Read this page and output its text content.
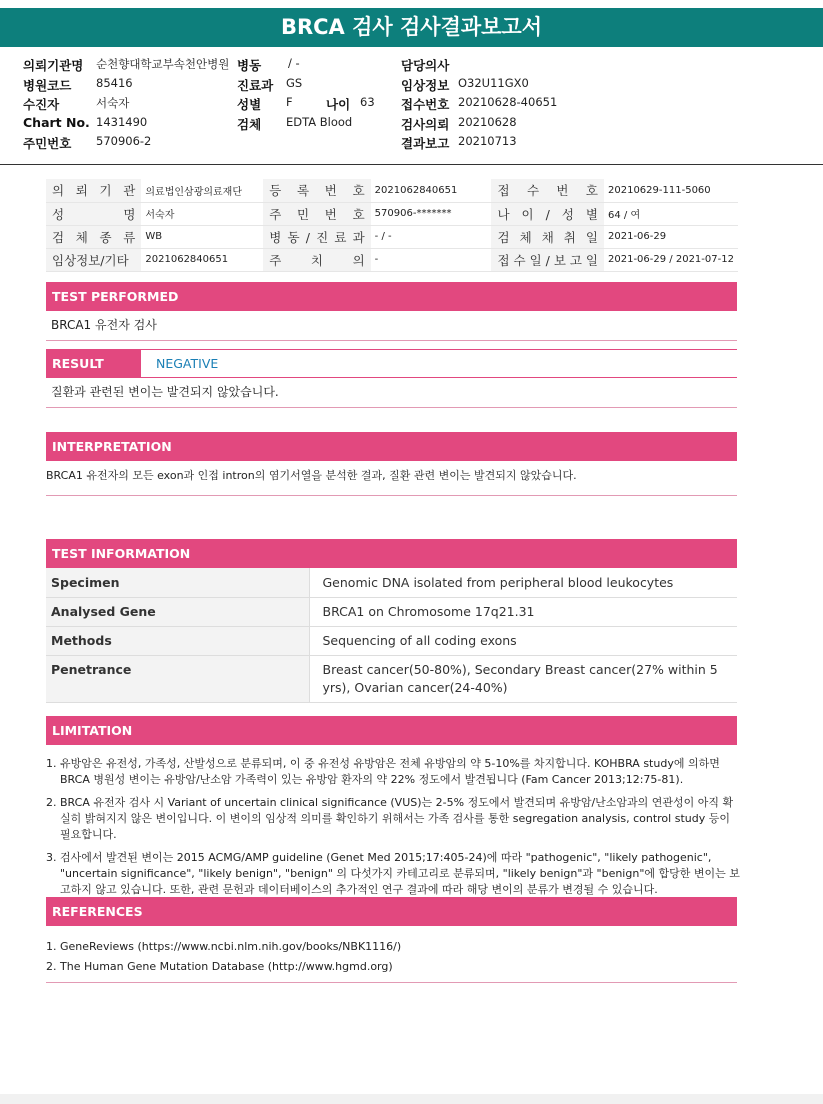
BRCA 검사 검사결과보고서
의뢰기관명 순천향대학교부속천안병원
병원코드 85416
수진자	서숙자
Chart No. 1431490
주민번호 570906-2
병동 / -
진료과 GS
성별 F	나이 63
검체 EDTA Blood
담당의사
임상정보 O32U11GX0
접수번호 20210628-40651
검사의뢰 20210628
결과보고 20210713
의 뢰 기 관	의료법인삼광의료재단	등 록 번 호	2021062840651	접 수 번 호	20210629-111-5060
성 명	서숙자	주 민 번 호	570906-*******	나 이 / 성 별	64 / 여
검 체 종 류	WB	병 동 / 진 료 과	- / -	검 체 채 취 일	2021-06-29
임상정보/기타	2021062840651	주 치 의	-	접 수 일 / 보 고 일	2021-06-29 / 2021-07-12
TEST PERFORMED
BRCA1 유전자 검사
RESULT	NEGATIVE
질환과 관련된 변이는 발견되지 않았습니다.
INTERPRETATION
BRCA1 유전자의 모든 exon과 인접 intron의 염기서열을 분석한 결과, 질환 관련 변이는 발견되지 않았습니다.
TEST INFORMATION
Specimen	Genomic DNA isolated from peripheral blood leukocytes
Analysed Gene	BRCA1 on Chromosome 17q21.31
Methods	Sequencing of all coding exons
Penetrance	Breast cancer(50-80%), Secondary Breast cancer(27% within 5 yrs), Ovarian cancer(24-40%)
LIMITATION
1. 유방암은 유전성, 가족성, 산발성으로 분류되며, 이 중 유전성 유방암은 전체 유방암의 약 5-10%를 차지합니다. KOHBRA study에 의하면 BRCA 병원성 변이는 유방암/난소암 가족력이 있는 유방암 환자의 약 22% 정도에서 발견됩니다 (Fam Cancer 2013;12:75-81).
2. BRCA 유전자 검사 시 Variant of uncertain clinical significance (VUS)는 2-5% 정도에서 발견되며 유방암/난소암과의 연관성이 아직 확실히 밝혀지지 않은 변이입니다. 이 변이의 임상적 의미를 확인하기 위해서는 가족 검사를 통한 segregation analysis, control study 등이 필요합니다.
3. 검사에서 발견된 변이는 2015 ACMG/AMP guideline (Genet Med 2015;17:405-24)에 따라 "pathogenic", "likely pathogenic", "uncertain significance", "likely benign", "benign" 의 다섯가지 카테고리로 분류되며, "likely benign"과 "benign"에 합당한 변이는 보고하지 않고 있습니다. 또한, 관련 문헌과 데이터베이스의 추가적인 연구 결과에 따라 해당 변이의 분류가 변경될 수 있습니다.
REFERENCES
1. GeneReviews (https://www.ncbi.nlm.nih.gov/books/NBK1116/)
2. The Human Gene Mutation Database (http://www.hgmd.org)
